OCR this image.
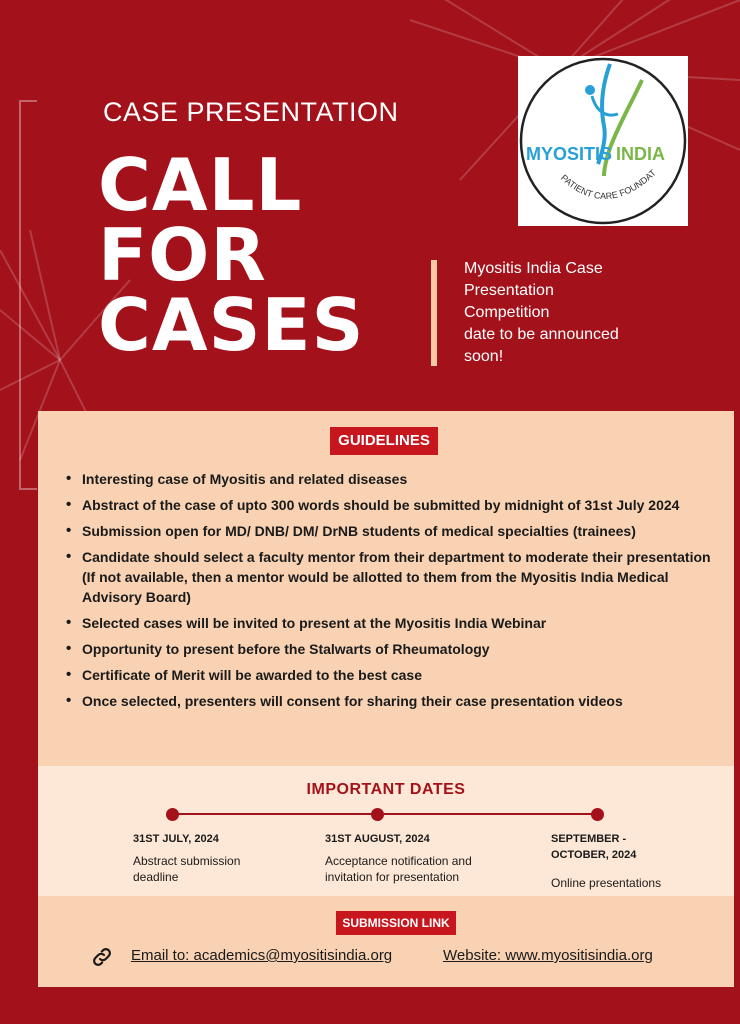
CASE PRESENTATION
CALL
FOR
CASES
MYOSITIS INDIA
PATIENT CARE FOUNDAT
Myositis India Case
Presentation
Competition
date to be announced
soon!
GUIDELINES
• Interesting case of Myositis and related diseases
• Abstract of the case of upto 300 words should be submitted by midnight of 31st July 2024
• Submission open for MD/ DNB/ DM/ DrNB students of medical specialties (trainees)
• Candidate should select a faculty mentor from their department to moderate their presentation (If not available, then a mentor would be allotted to them from the Myositis India Medical Advisory Board)
• Selected cases will be invited to present at the Myositis India Webinar
• Opportunity to present before the Stalwarts of Rheumatology
• Certificate of Merit will be awarded to the best case
• Once selected, presenters will consent for sharing their case presentation videos
IMPORTANT DATES
31ST JULY, 2024
Abstract submission deadline
31ST AUGUST, 2024
Acceptance notification and invitation for presentation
SEPTEMBER - OCTOBER, 2024
Online presentations
SUBMISSION LINK
Email to: academics@myositisindia.org	Website: www.myositisindia.org
